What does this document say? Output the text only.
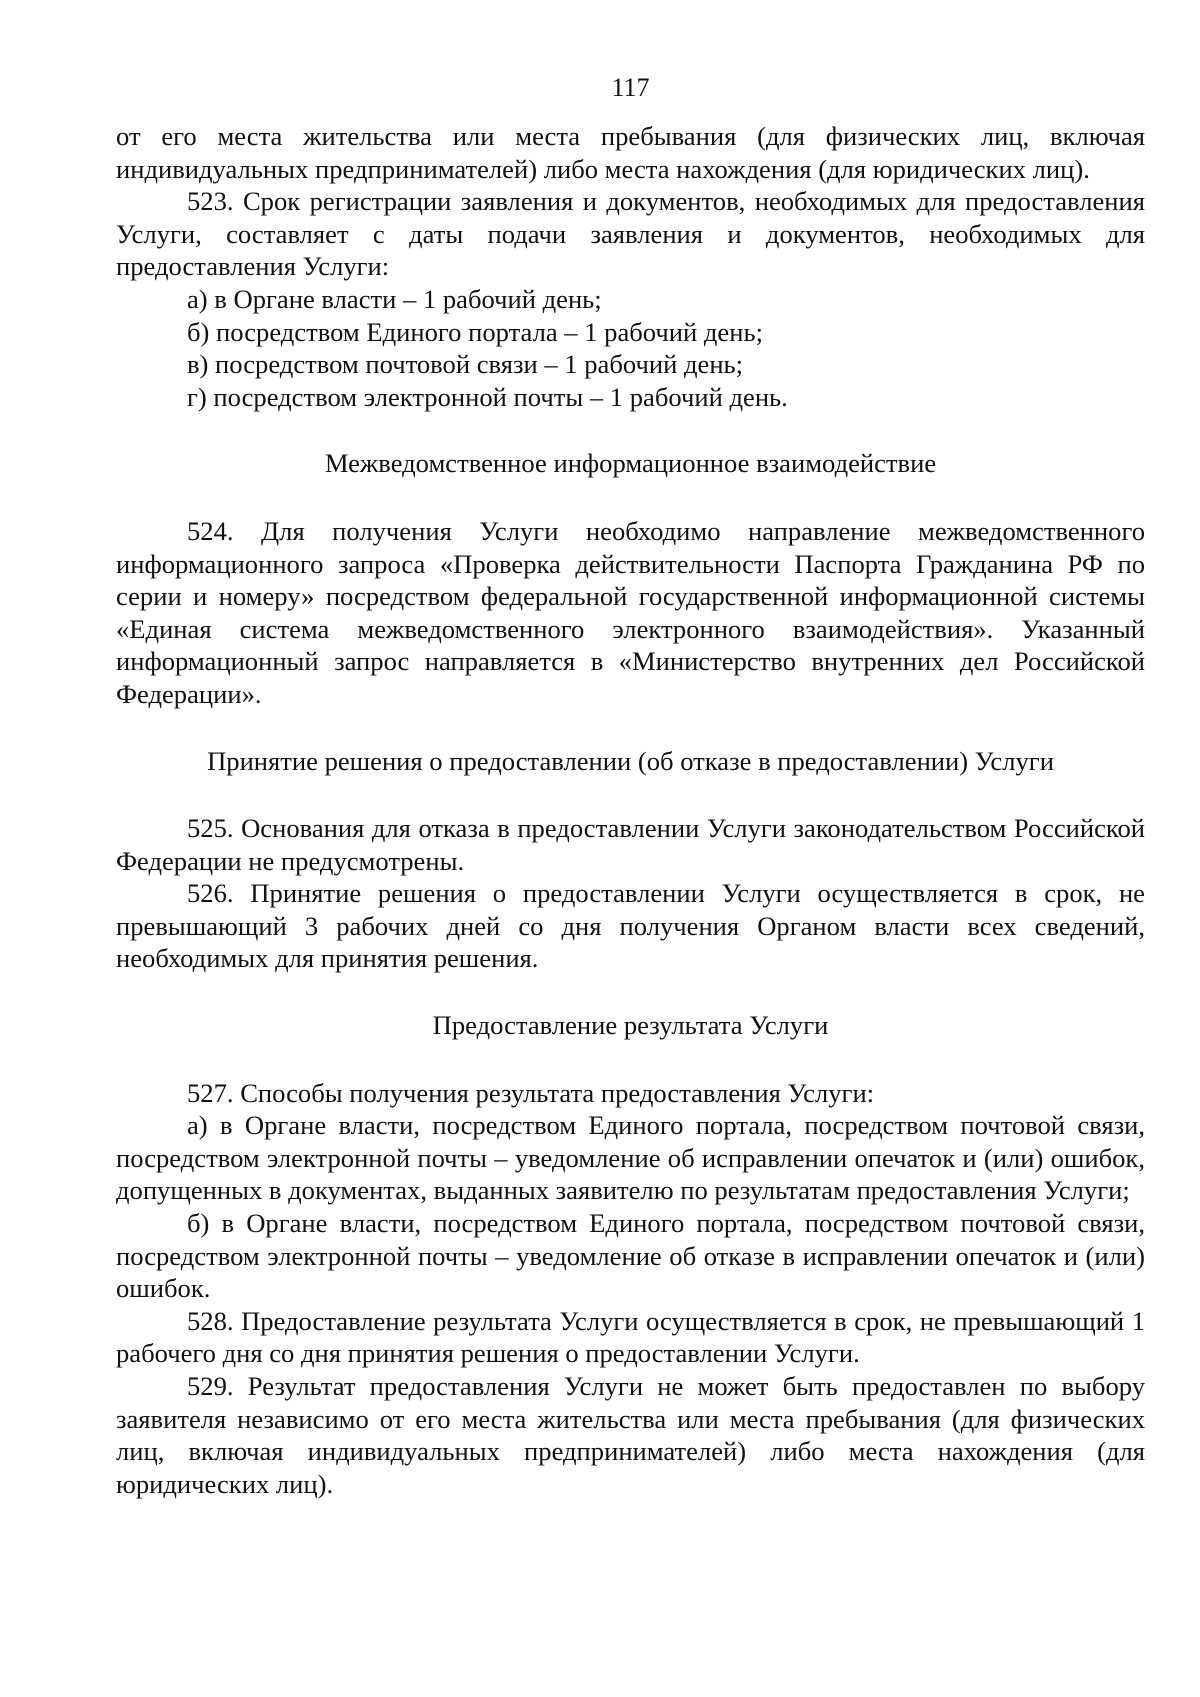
117

от его места жительства или места пребывания (для физических лиц, включая индивидуальных предпринимателей) либо места нахождения (для юридических лиц).

523. Срок регистрации заявления и документов, необходимых для предоставления Услуги, составляет с даты подачи заявления и документов, необходимых для предоставления Услуги:

а) в Органе власти – 1 рабочий день;

б) посредством Единого портала – 1 рабочий день;

в) посредством почтовой связи – 1 рабочий день;

г) посредством электронной почты – 1 рабочий день.

Межведомственное информационное взаимодействие

524. Для получения Услуги необходимо направление межведомственного информационного запроса «Проверка действительности Паспорта Гражданина РФ по серии и номеру» посредством федеральной государственной информационной системы «Единая система межведомственного электронного взаимодействия». Указанный информационный запрос направляется в «Министерство внутренних дел Российской Федерации».

Принятие решения о предоставлении (об отказе в предоставлении) Услуги

525. Основания для отказа в предоставлении Услуги законодательством Российской Федерации не предусмотрены.

526. Принятие решения о предоставлении Услуги осуществляется в срок, не превышающий 3 рабочих дней со дня получения Органом власти всех сведений, необходимых для принятия решения.

Предоставление результата Услуги

527. Способы получения результата предоставления Услуги:

а) в Органе власти, посредством Единого портала, посредством почтовой связи, посредством электронной почты – уведомление об исправлении опечаток и (или) ошибок, допущенных в документах, выданных заявителю по результатам предоставления Услуги;

б) в Органе власти, посредством Единого портала, посредством почтовой связи, посредством электронной почты – уведомление об отказе в исправлении опечаток и (или) ошибок.

528. Предоставление результата Услуги осуществляется в срок, не превышающий 1 рабочего дня со дня принятия решения о предоставлении Услуги.

529. Результат предоставления Услуги не может быть предоставлен по выбору заявителя независимо от его места жительства или места пребывания (для физических лиц, включая индивидуальных предпринимателей) либо места нахождения (для юридических лиц).
